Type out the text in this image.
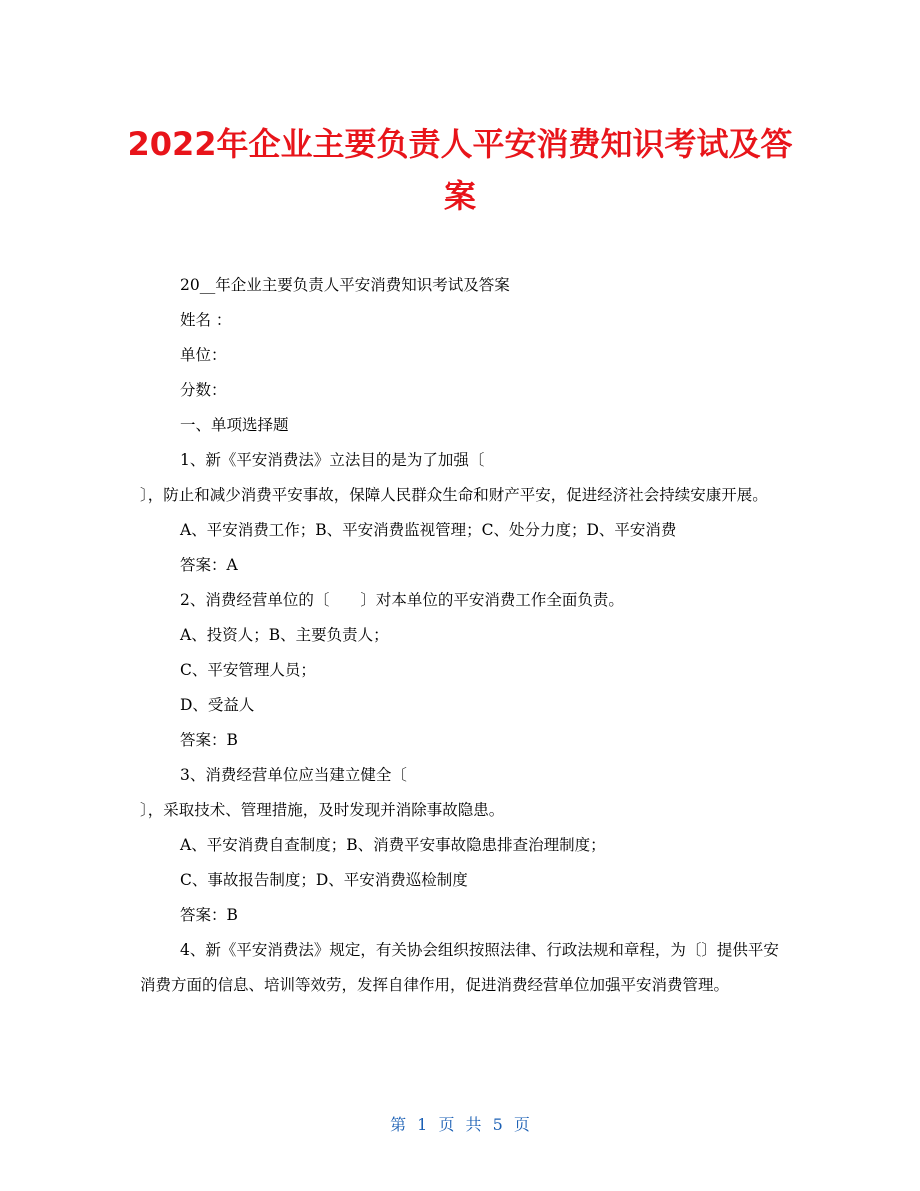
2022年企业主要负责人平安消费知识考试及答案

20__年企业主要负责人平安消费知识考试及答案

姓名 ：

单位：

分数：

一、单项选择题

1、新《平安消费法》立法目的是为了加强〔

〕，防止和减少消费平安事故，保障人民群众生命和财产平安，促进经济社会持续安康开展。

A、平安消费工作；B、平安消费监视管理；C、处分力度；D、平安消费

答案：A

2、消费经营单位的〔　　〕对本单位的平安消费工作全面负责。

A、投资人；B、主要负责人；

C、平安管理人员；

D、受益人

答案：B

3、消费经营单位应当建立健全〔

〕，采取技术、管理措施，及时发现并消除事故隐患。

A、平安消费自查制度；B、消费平安事故隐患排查治理制度；

C、事故报告制度；D、平安消费巡检制度

答案：B

4、新《平安消费法》规定，有关协会组织按照法律、行政法规和章程，为〔〕提供平安消费方面的信息、培训等效劳，发挥自律作用，促进消费经营单位加强平安消费管理。

第 1 页 共 5 页
